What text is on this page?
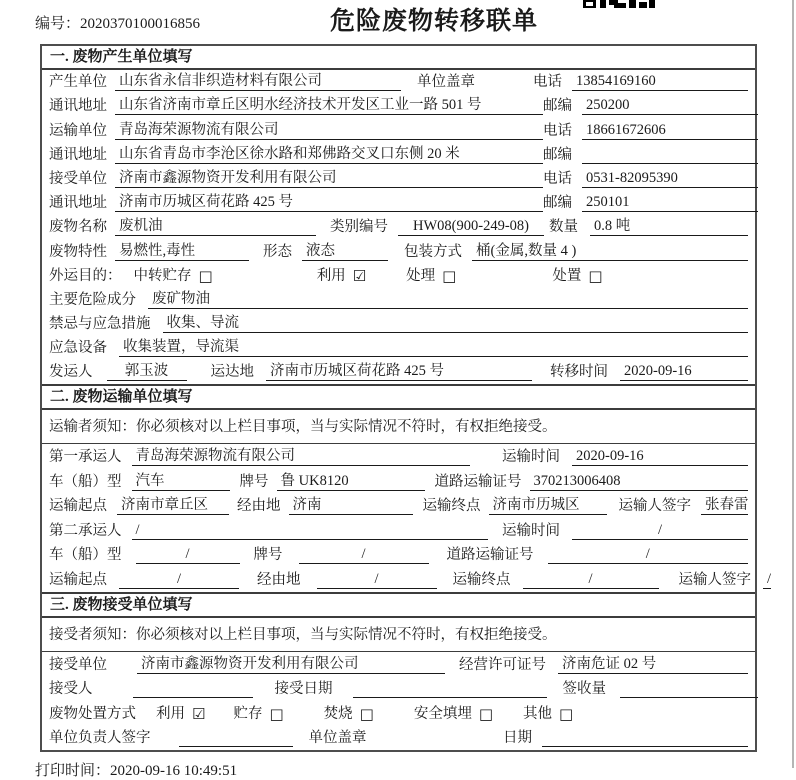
编号：2020370100016856	危险废物转移联单
一. 废物产生单位填写
产生单位 山东省永信非织造材料有限公司	单位盖章	电话 13854169160
通讯地址 山东省济南市章丘区明水经济技术开发区工业一路 501 号	邮编 250200
运输单位 青岛海荣源物流有限公司	电话 18661672606
通讯地址 山东省青岛市李沧区徐水路和郑佛路交叉口东侧 20 米	邮编
接受单位 济南市鑫源物资开发利用有限公司	电话 0531-82095390
通讯地址 济南市历城区荷花路 425 号	邮编 250101
废物名称 废机油	类别编号	HW08(900-249-08)	数量 0.8 吨
废物特性 易燃性,毒性	形态 液态	包装方式 桶(金属,数量 4 )
外运目的： 中转贮存 □	利用 ☑	处理 □	处置 □
主要危险成分 废矿物油
禁忌与应急措施 收集、导流
应急设备 收集装置，导流渠
发运人	郭玉波	运达地 济南市历城区荷花路 425 号	转移时间 2020-09-16
二. 废物运输单位填写
运输者须知：你必须核对以上栏目事项，当与实际情况不符时，有权拒绝接受。
第一承运人 青岛海荣源物流有限公司	运输时间 2020-09-16
车（船）型 汽车	牌号 鲁 UK8120	道路运输证号 370213006408
运输起点 济南市章丘区	经由地 济南	运输终点 济南市历城区	运输人签字 张春雷
第二承运人 /	运输时间	/
车（船）型	/	牌号	/	道路运输证号	/
运输起点	/	经由地	/	运输终点	/	运输人签字 /
三. 废物接受单位填写
接受者须知：你必须核对以上栏目事项，当与实际情况不符时，有权拒绝接受。
接受单位 济南市鑫源物资开发利用有限公司	经营许可证号 济南危证 02 号
接受人	接受日期	签收量
废物处置方式 利用 ☑ 贮存 □	焚烧 □	安全填埋 □ 其他 □
单位负责人签字	单位盖章	日期
打印时间：2020-09-16 10:49:51
